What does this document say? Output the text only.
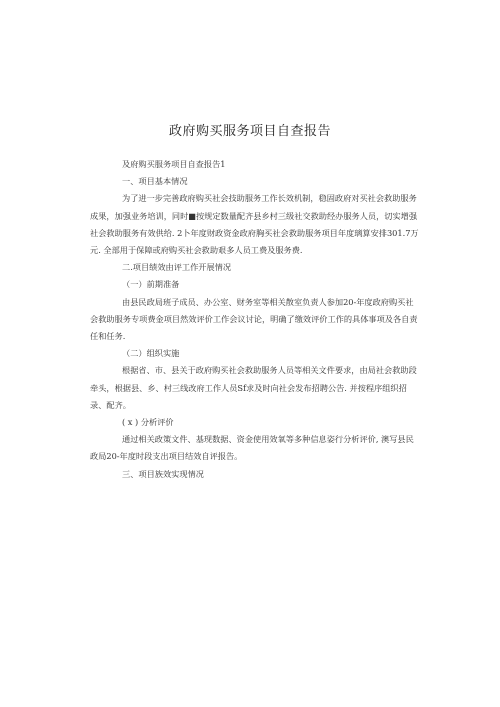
政府购买服务项目自查报告

及府购买服务项目自查报告1

一、项目基本情况

为了进一步完善政府购买社会技助服务工作长效机制，稳固政府对买社会救助服务成果，加强业务培训，同时■按规定数量配齐县乡村三级社交救助经办服务人员，切实增强社会救助服务有效供给. 2卜年度财政资金政府胸买社会救助服务项目年度璃算安排301.7万元. 全部用于保障或府购买社会救助艰多人员工费及服务费.

二.项目绩效由评工作开展情况

（一）前期准备

由县民政局班子成员、办公室、财务室等相关散室负责人参加20-年度政府购买社会救助服务专项费金项目然效评价工作会议讨论，明确了缴效评价工作的具体事项及各自责任和任务.

（二）组织实施

根据省、市、县关于政府购买社会救助服务人员等相关文件要求，由局社会救助段牵头，根据县、乡、村三线改府工作人员Sf求及时向社会发布招聘公告. 并按程序组织招录、配齐。

( x ) 分析评价

通过相关政策文件、基现数据、资金使用效氧等多种信息姿行分析评价, 澳写县民政局20-年度时段支出项目结效自评报告。

三、项目族效实现情况
